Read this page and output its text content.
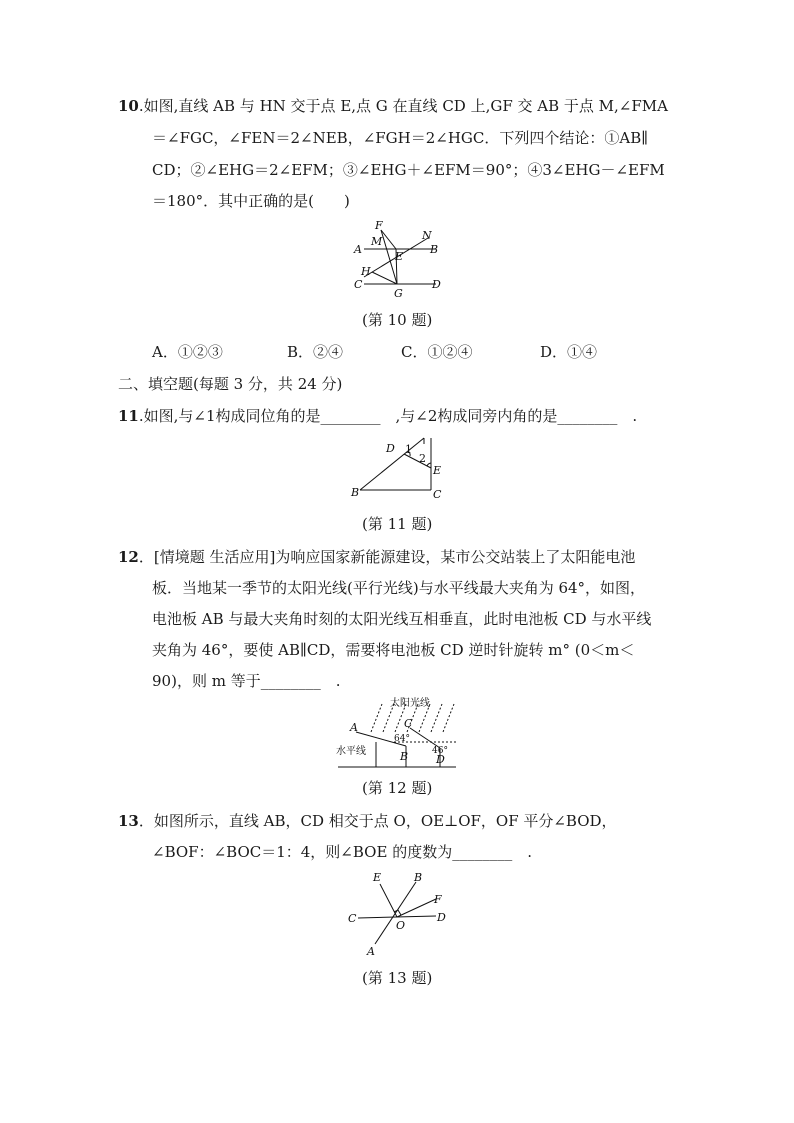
10.如图,直线 AB 与 HN 交于点 E,点 G 在直线 CD 上,GF 交 AB 于点 M,∠FMA
＝∠FGC，∠FEN＝2∠NEB，∠FGH＝2∠HGC．下列四个结论：①AB∥
CD；②∠EHG＝2∠EFM；③∠EHG＋∠EFM＝90°；④3∠EHG－∠EFM
＝180°．其中正确的是(　　)
F
M	N
A
E
B
H
C
G
D
(第 10 题)
A．①②③	B．②④	C．①②④	D．①④
二、填空题(每题 3 分，共 24 分)
11.如图,与∠1构成同位角的是________　,与∠2构成同旁内角的是________　.
D 1
2
E
B	C
(第 11 题)
12．[情境题 生活应用]为响应国家新能源建设，某市公交站装上了太阳能电池
板．当地某一季节的太阳光线(平行光线)与水平线最大夹角为 64°，如图，
电池板 AB 与最大夹角时刻的太阳光线互相垂直，此时电池板 CD 与水平线
夹角为 46°，要使 AB∥CD，需要将电池板 CD 逆时针旋转 m° (0＜m＜
90)，则 m 等于________　.
太阳光线
A	C
64°
46°
水平线	B	D
(第 12 题)
13．如图所示，直线 AB，CD 相交于点 O，OE⊥OF，OF 平分∠BOD，
∠BOF：∠BOC＝1：4，则∠BOE 的度数为________　.
E	B
F
C
O
D
A
(第 13 题)
